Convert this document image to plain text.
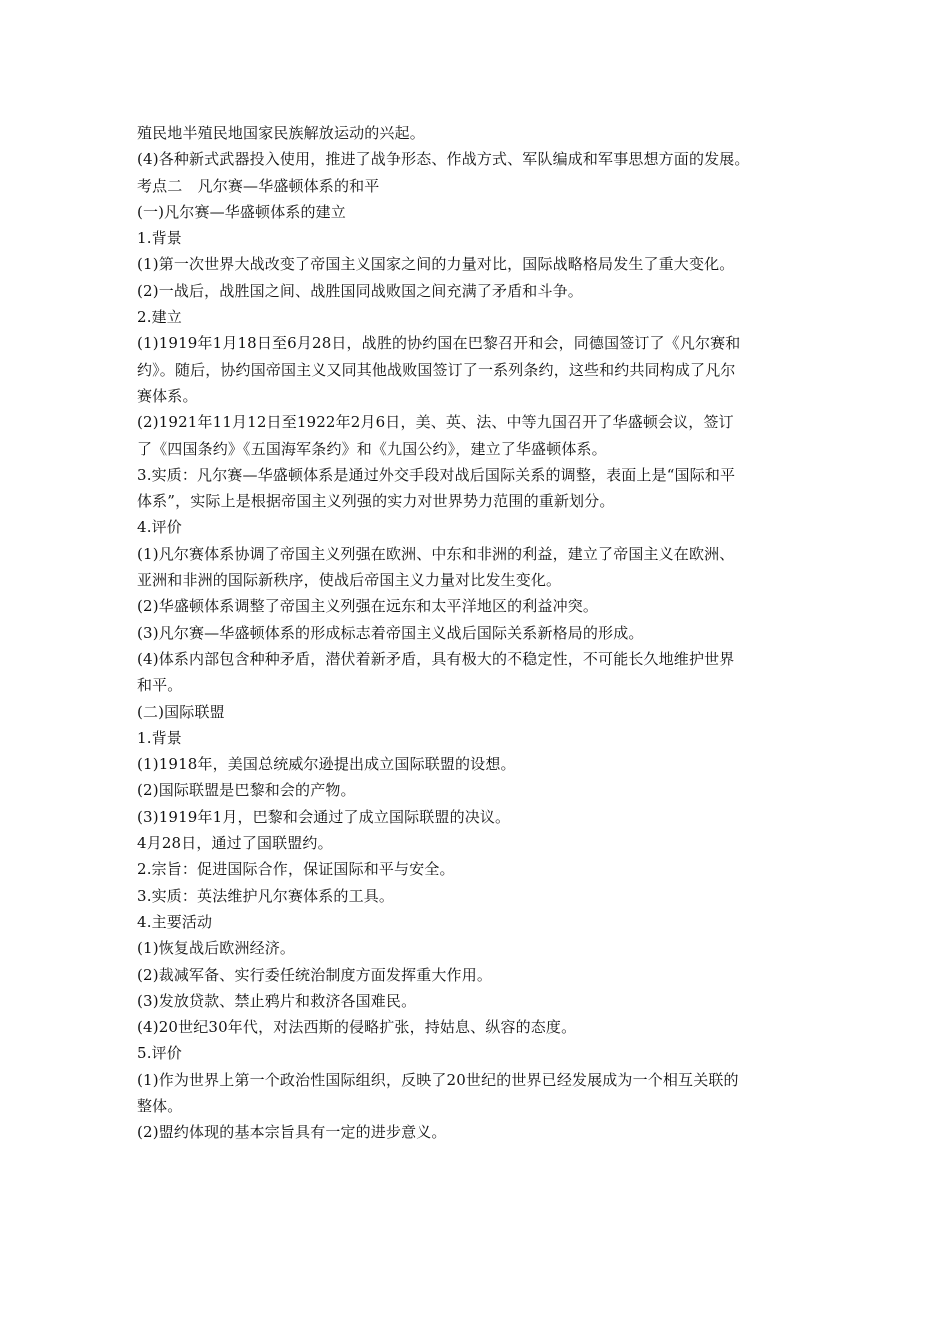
殖民地半殖民地国家民族解放运动的兴起。
(4)各种新式武器投入使用，推进了战争形态、作战方式、军队编成和军事思想方面的发展。
考点二　凡尔赛—华盛顿体系的和平
(一)凡尔赛—华盛顿体系的建立
1.背景
(1)第一次世界大战改变了帝国主义国家之间的力量对比，国际战略格局发生了重大变化。
(2)一战后，战胜国之间、战胜国同战败国之间充满了矛盾和斗争。
2.建立
(1)1919年1月18日至6月28日，战胜的协约国在巴黎召开和会，同德国签订了《凡尔赛和
约》。随后，协约国帝国主义又同其他战败国签订了一系列条约，这些和约共同构成了凡尔
赛体系。
(2)1921年11月12日至1922年2月6日，美、英、法、中等九国召开了华盛顿会议，签订
了《四国条约》《五国海军条约》和《九国公约》，建立了华盛顿体系。
3.实质：凡尔赛—华盛顿体系是通过外交手段对战后国际关系的调整，表面上是“国际和平
体系”，实际上是根据帝国主义列强的实力对世界势力范围的重新划分。
4.评价
(1)凡尔赛体系协调了帝国主义列强在欧洲、中东和非洲的利益，建立了帝国主义在欧洲、
亚洲和非洲的国际新秩序，使战后帝国主义力量对比发生变化。
(2)华盛顿体系调整了帝国主义列强在远东和太平洋地区的利益冲突。
(3)凡尔赛—华盛顿体系的形成标志着帝国主义战后国际关系新格局的形成。
(4)体系内部包含种种矛盾，潜伏着新矛盾，具有极大的不稳定性，不可能长久地维护世界
和平。
(二)国际联盟
1.背景
(1)1918年，美国总统威尔逊提出成立国际联盟的设想。
(2)国际联盟是巴黎和会的产物。
(3)1919年1月，巴黎和会通过了成立国际联盟的决议。
4月28日，通过了国联盟约。
2.宗旨：促进国际合作，保证国际和平与安全。
3.实质：英法维护凡尔赛体系的工具。
4.主要活动
(1)恢复战后欧洲经济。
(2)裁减军备、实行委任统治制度方面发挥重大作用。
(3)发放贷款、禁止鸦片和救济各国难民。
(4)20世纪30年代，对法西斯的侵略扩张，持姑息、纵容的态度。
5.评价
(1)作为世界上第一个政治性国际组织，反映了20世纪的世界已经发展成为一个相互关联的
整体。
(2)盟约体现的基本宗旨具有一定的进步意义。
